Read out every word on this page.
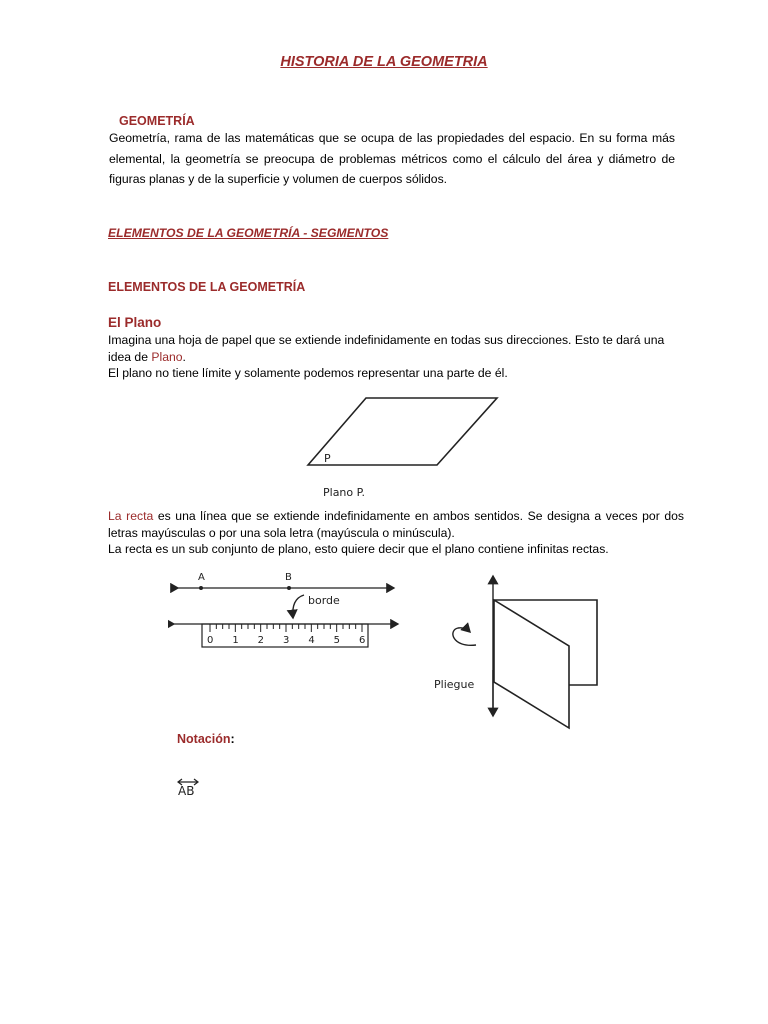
HISTORIA DE LA GEOMETRIA

GEOMETRÍA

Geometría, rama de las matemáticas que se ocupa de las propiedades del espacio. En su forma más elemental, la geometría se preocupa de problemas métricos como el cálculo del área y diámetro de figuras planas y de la superficie y volumen de cuerpos sólidos.

ELEMENTOS DE LA GEOMETRÍA - SEGMENTOS

ELEMENTOS DE LA GEOMETRÍA

El Plano

Imagina una hoja de papel que se extiende indefinidamente en todas sus direcciones. Esto te dará una idea de Plano.
El plano no tiene límite y solamente podemos representar una parte de él.

P
Plano P.

La recta es una línea que se extiende indefinidamente en ambos sentidos. Se designa a veces por dos letras mayúsculas o por una sola letra (mayúscula o minúscula).
La recta es un sub conjunto de plano, esto quiere decir que el plano contiene infinitas rectas.

A	B
borde
0 1 2 3 4 5 6
Pliegue

Notación:

AB
